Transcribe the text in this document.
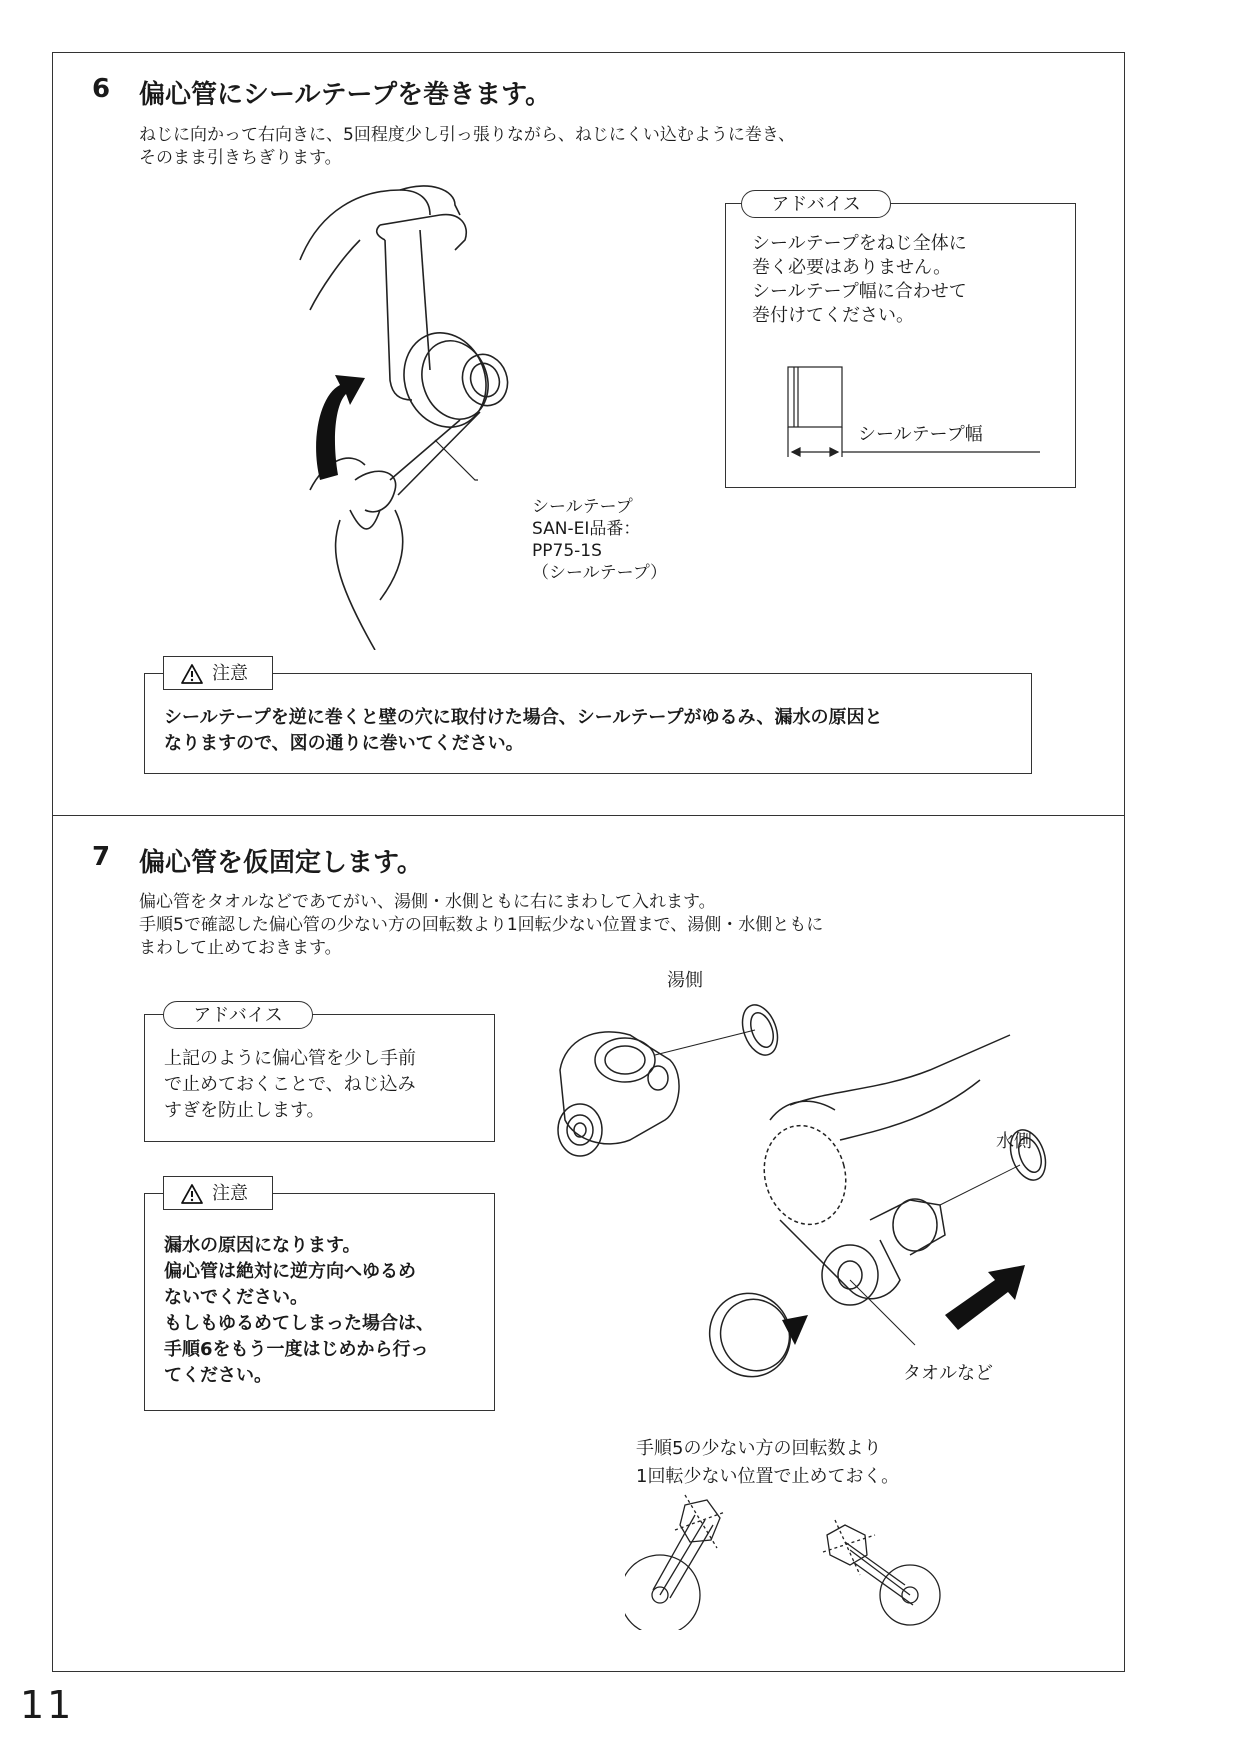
6 偏心管にシールテープを巻きます。
ねじに向かって右向きに、5回程度少し引っ張りながら、ねじにくい込むように巻き、
そのまま引きちぎります。
シールテープ
SAN-EI品番：
PP75-1S
（シールテープ）
アドバイス
シールテープをねじ全体に
巻く必要はありません。
シールテープ幅に合わせて
巻付けてください。
シールテープ幅
注意
シールテープを逆に巻くと壁の穴に取付けた場合、シールテープがゆるみ、漏水の原因と
なりますので、図の通りに巻いてください。
7 偏心管を仮固定します。
偏心管をタオルなどであてがい、湯側・水側ともに右にまわして入れます。
手順5で確認した偏心管の少ない方の回転数より1回転少ない位置まで、湯側・水側ともに
まわして止めておきます。
アドバイス
上記のように偏心管を少し手前
で止めておくことで、ねじ込み
すぎを防止します。
注意
漏水の原因になります。
偏心管は絶対に逆方向へゆるめ
ないでください。
もしもゆるめてしまった場合は、
手順6をもう一度はじめから行っ
てください。
湯側
水側
タオルなど
手順5の少ない方の回転数より
1回転少ない位置で止めておく。
11
